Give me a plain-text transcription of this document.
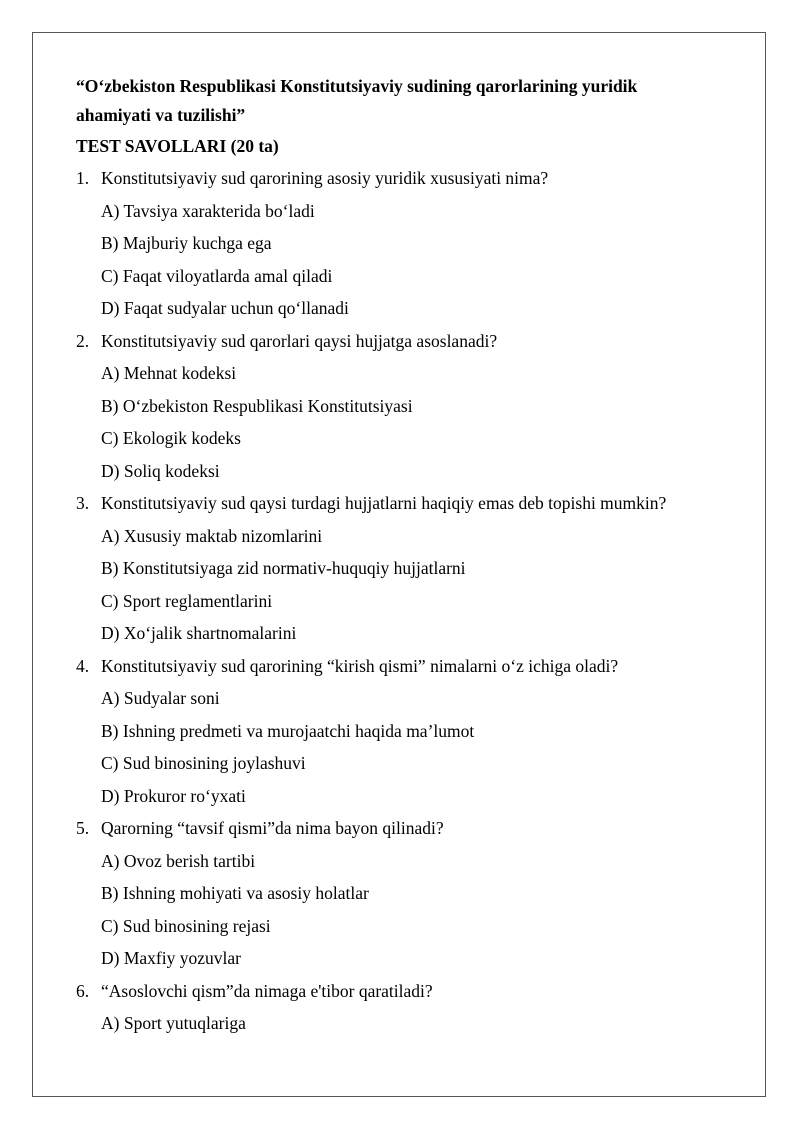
“O‘zbekiston Respublikasi Konstitutsiyaviy sudining qarorlarining yuridik
ahamiyati va tuzilishi”
TEST SAVOLLARI (20 ta)
1. Konstitutsiyaviy sud qarorining asosiy yuridik xususiyati nima?
A) Tavsiya xarakterida bo‘ladi
B) Majburiy kuchga ega
C) Faqat viloyatlarda amal qiladi
D) Faqat sudyalar uchun qo‘llanadi
2. Konstitutsiyaviy sud qarorlari qaysi hujjatga asoslanadi?
A) Mehnat kodeksi
B) O‘zbekiston Respublikasi Konstitutsiyasi
C) Ekologik kodeks
D) Soliq kodeksi
3. Konstitutsiyaviy sud qaysi turdagi hujjatlarni haqiqiy emas deb topishi mumkin?
A) Xususiy maktab nizomlarini
B) Konstitutsiyaga zid normativ-huquqiy hujjatlarni
C) Sport reglamentlarini
D) Xo‘jalik shartnomalarini
4. Konstitutsiyaviy sud qarorining “kirish qismi” nimalarni o‘z ichiga oladi?
A) Sudyalar soni
B) Ishning predmeti va murojaatchi haqida ma’lumot
C) Sud binosining joylashuvi
D) Prokuror ro‘yxati
5. Qarorning “tavsif qismi”da nima bayon qilinadi?
A) Ovoz berish tartibi
B) Ishning mohiyati va asosiy holatlar
C) Sud binosining rejasi
D) Maxfiy yozuvlar
6. “Asoslovchi qism”da nimaga e'tibor qaratiladi?
A) Sport yutuqlariga
